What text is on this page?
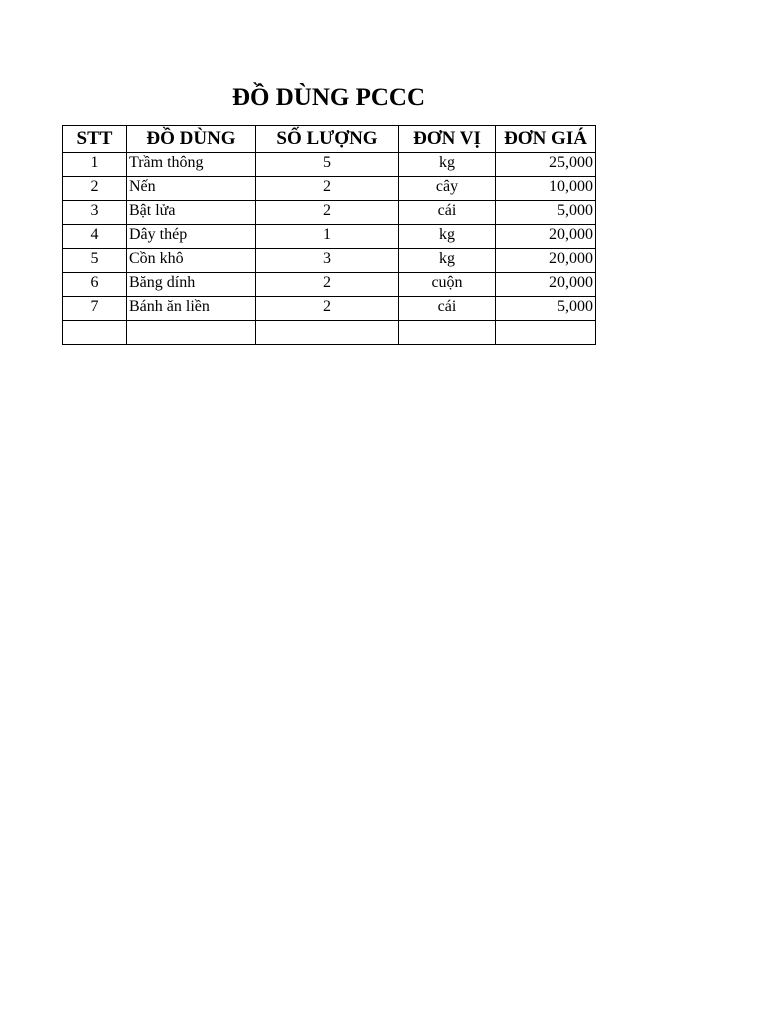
ĐỒ DÙNG PCCC
STT	ĐỒ DÙNG	SỐ LƯỢNG	ĐƠN VỊ	ĐƠN GIÁ
1	Trầm thông	5	kg	25,000
2	Nến	2	cây	10,000
3	Bật lửa	2	cái	5,000
4	Dây thép	1	kg	20,000
5	Cồn khô	3	kg	20,000
6	Băng dính	2	cuộn	20,000
7	Bánh ăn liền	2	cái	5,000
